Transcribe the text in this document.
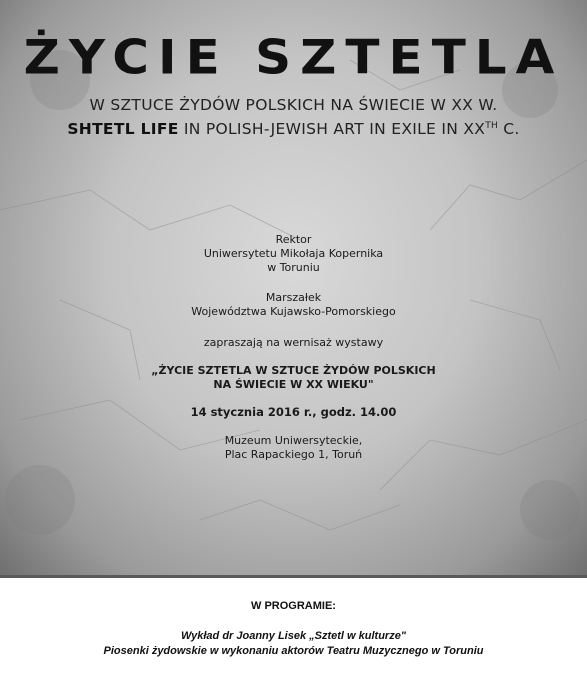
ŻYCIE SZTETLA
W SZTUCE ŻYDÓW POLSKICH NA ŚWIECIE W XX W.
SHTETL LIFE IN POLISH-JEWISH ART IN EXILE IN XXTH C.
Rektor
Uniwersytetu Mikołaja Kopernika
w Toruniu
Marszałek
Województwa Kujawsko-Pomorskiego
zapraszają na wernisaż wystawy
„ŻYCIE SZTETLA W SZTUCE ŻYDÓW POLSKICH
NA ŚWIECIE W XX WIEKU"
14 stycznia 2016 r., godz. 14.00
Muzeum Uniwersyteckie,
Plac Rapackiego 1, Toruń
W PROGRAMIE:
Wykład dr Joanny Lisek „Sztetl w kulturze"
Piosenki żydowskie w wykonaniu aktorów Teatru Muzycznego w Toruniu
